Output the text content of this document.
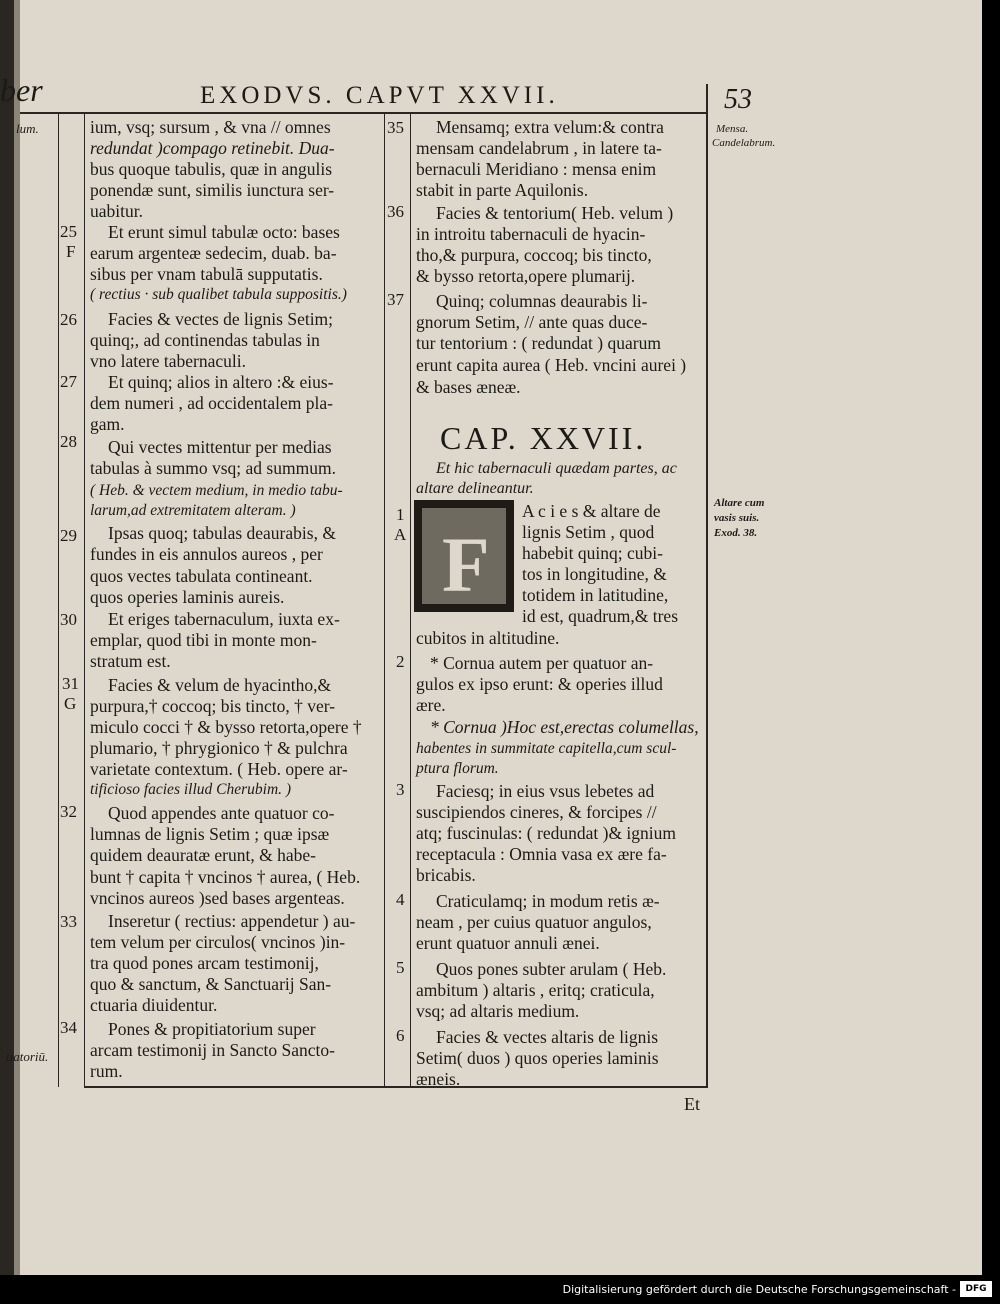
ber	EXODVS. CAPVT XXVII.	53
lum.
tiatoriū.
25
F
26
27
28
29
30
31
G
32
33
34
ium, vsq; sursum , & vna // omnes
redundat )compago retinebit. Dua-
bus quoque tabulis, quæ in angulis
ponendæ sunt, similis iunctura ser-
uabitur.
Et erunt simul tabulæ octo: bases
earum argenteæ sedecim, duab. ba-
sibus per vnam tabulā supputatis.
( rectius · sub qualibet tabula suppositis.)
Facies & vectes de lignis Setim;
quinq;, ad continendas tabulas in
vno latere tabernaculi.
Et quinq; alios in altero :& eius-
dem numeri , ad occidentalem pla-
gam.
Qui vectes mittentur per medias
tabulas à summo vsq; ad summum.
( Heb. & vectem medium, in medio tabu-
larum,ad extremitatem alteram. )
Ipsas quoq; tabulas deaurabis, &
fundes in eis annulos aureos , per
quos vectes tabulata contineant.
quos operies laminis aureis.
Et eriges tabernaculum, iuxta ex-
emplar, quod tibi in monte mon-
stratum est.
Facies & velum de hyacintho,&
purpura,† coccoq; bis tincto, † ver-
miculo cocci † & bysso retorta,opere †
plumario, † phrygionico † & pulchra
varietate contextum. ( Heb. opere ar-
tificioso facies illud Cherubim. )
Quod appendes ante quatuor co-
lumnas de lignis Setim ; quæ ipsæ
quidem deauratæ erunt, & habe-
bunt † capita † vncinos † aurea, ( Heb.
vncinos aureos )sed bases argenteas.
Inseretur ( rectius: appendetur ) au-
tem velum per circulos( vncinos )in-
tra quod pones arcam testimonij,
quo & sanctum, & Sanctuarij San-
ctuaria diuidentur.
Pones & propitiatorium super
arcam testimonij in Sancto Sancto-
rum.
35
36
37
1
A
2
3
4
5
6
Mensamq; extra velum:& contra
mensam candelabrum , in latere ta-
bernaculi Meridiano : mensa enim
stabit in parte Aquilonis.
Facies & tentorium( Heb. velum )
in introitu tabernaculi de hyacin-
tho,& purpura, coccoq; bis tincto,
& bysso retorta,opere plumarij.
Quinq; columnas deaurabis li-
gnorum Setim, // ante quas duce-
tur tentorium : ( redundat ) quarum
erunt capita aurea ( Heb. vncini aurei )
& bases æneæ.
CAP. XXVII.
Et hic tabernaculi quædam partes, ac
altare delineantur.
F
A c i e s & altare de
lignis Setim , quod
habebit quinq; cubi-
tos in longitudine, &
totidem in latitudine,
id est, quadrum,& tres
cubitos in altitudine.
* Cornua autem per quatuor an-
gulos ex ipso erunt: & operies illud
ære.
* Cornua )Hoc est,erectas columellas,
habentes in summitate capitella,cum scul-
ptura florum.
Faciesq; in eius vsus lebetes ad
suscipiendos cineres, & forcipes //
atq; fuscinulas: ( redundat )& ignium
receptacula : Omnia vasa ex ære fa-
bricabis.
Craticulamq; in modum retis æ-
neam , per cuius quatuor angulos,
erunt quatuor annuli ænei.
Quos pones subter arulam ( Heb.
ambitum ) altaris , eritq; craticula,
vsq; ad altaris medium.
Facies & vectes altaris de lignis
Setim( duos ) quos operies laminis
æneis.
Mensa.
Candelabrum.
Altare cum
vasis suis.
Exod. 38.
Et
Digitalisierung gefördert durch die Deutsche Forschungsgemeinschaft -	DFG
